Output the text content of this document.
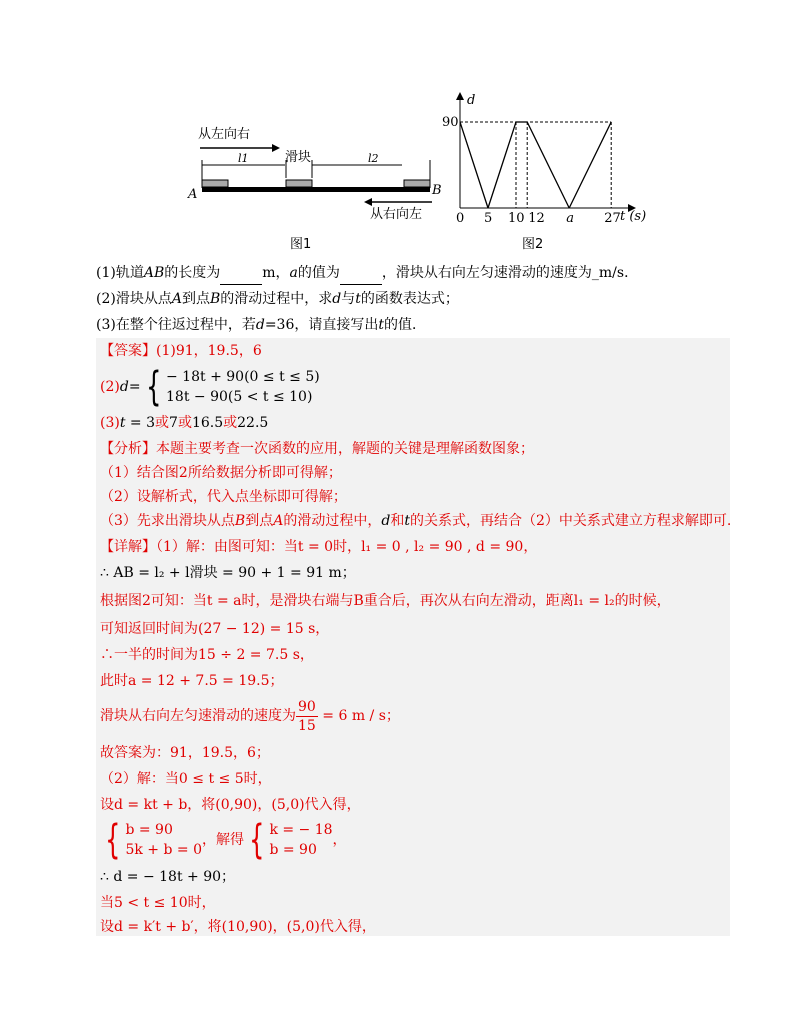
从左向右
滑块
l1	l2
A	B
从右向左
图1
d
90
t (s)
0 5 10 12 a 27
图2
(1)轨道AB的长度为	m，a的值为	，滑块从右向左匀速滑动的速度为_m/s．
(2)滑块从点A到点B的滑动过程中，求d与t的函数表达式；
(3)在整个往返过程中，若d=36，请直接写出t的值．
【答案】(1)91，19.5，6
(2)d= { − 18t + 90(0 ≤ t ≤ 5)
18t − 90(5 < t ≤ 10)
(3)t = 3或7或16.5或22.5
【分析】本题主要考查一次函数的应用，解题的关键是理解函数图象；
（1）结合图2所给数据分析即可得解；
（2）设解析式，代入点坐标即可得解；
（3）先求出滑块从点B到点A的滑动过程中，d和t的关系式，再结合（2）中关系式建立方程求解即可.
【详解】（1）解：由图可知：当t = 0时，l₁ = 0 , l₂ = 90 , d = 90，
∴ AB = l₂ + l滑块 = 90 + 1 = 91 m；
根据图2可知：当t = a时，是滑块右端与B重合后，再次从右向左滑动，距离l₁ = l₂的时候，
可知返回时间为(27 − 12) = 15 s，
∴一半的时间为15 ÷ 2 = 7.5 s，
此时a = 12 + 7.5 = 19.5；
滑块从右向左匀速滑动的速度为 $\frac{90}{15} = 6$ m / s；
故答案为：91，19.5，6；
（2）解：当0 ≤ t ≤ 5时，
设d = kt + b，将(0,90)，(5,0)代入得，
{ b = 90
5k + b = 0
，解得 { k = − 18
b = 90
，
∴ d = − 18t + 90；
当5 < t ≤ 10时，
设d = k′t + b′，将(10,90)，(5,0)代入得，
